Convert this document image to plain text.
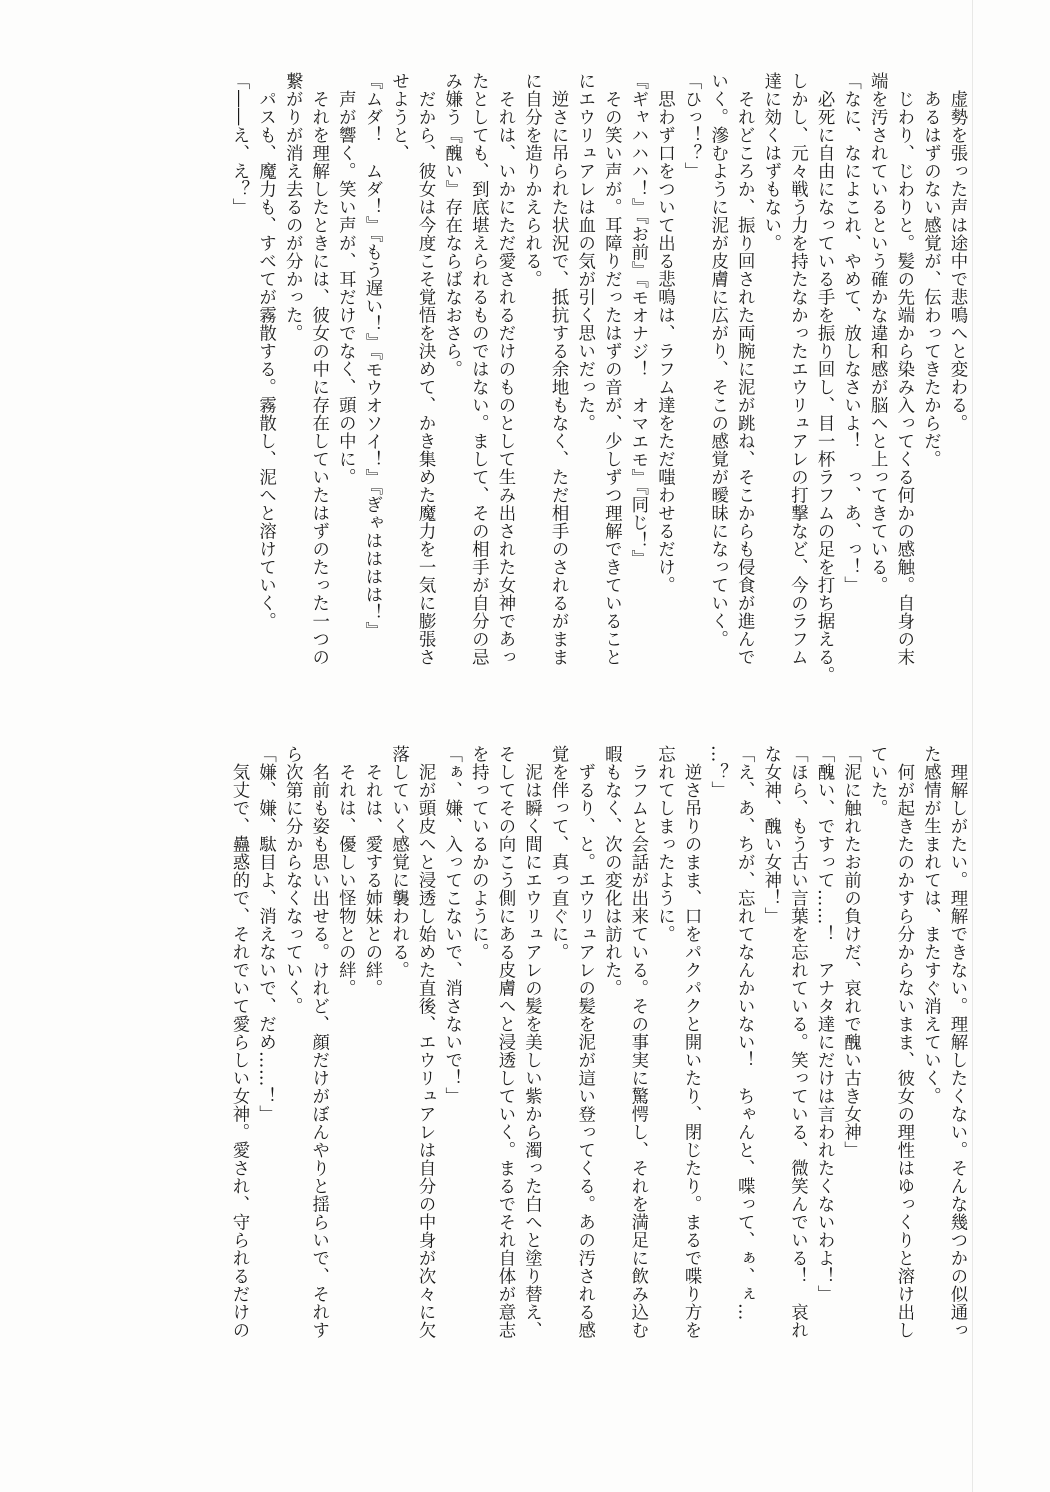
　虚勢を張った声は途中で悲鳴へと変わる。
　あるはずのない感覚が、伝わってきたからだ。
　じわり、じわりと。髪の先端から染み入ってくる何かの感触。自身の末
端を汚されているという確かな違和感が脳へと上ってきている。
「なに、なによこれ、やめて、放しなさいよ！　っ、あ、っ！」
　必死に自由になっている手を振り回し、目一杯ラフムの足を打ち据える。
しかし、元々戦う力を持たなかったエウリュアレの打撃など、今のラフム
達に効くはずもない。
　それどころか、振り回された両腕に泥が跳ね、そこからも侵食が進んで
いく。滲むように泥が皮膚に広がり、そこの感覚が曖昧になっていく。
「ひっ！？」
　思わず口をついて出る悲鳴は、ラフム達をただ嗤わせるだけ。
『ギャハハハ！』『お前』『モオナジ！　オマエモ』『同じ！』
　その笑い声が。耳障りだったはずの音が、少しずつ理解できていること
にエウリュアレは血の気が引く思いだった。
　逆さに吊られた状況で、抵抗する余地もなく、ただ相手のされるがまま
に自分を造りかえられる。
　それは、いかにただ愛されるだけのものとして生み出された女神であっ
たとしても、到底堪えられるものではない。まして、その相手が自分の忌
み嫌う『醜い』存在ならばなおさら。
　だから、彼女は今度こそ覚悟を決めて、かき集めた魔力を一気に膨張さ
せようと、
『ムダ！　ムダ！』『もう遅い！』『モウオソイ！』『ぎゃはははは！』
　声が響く。笑い声が、耳だけでなく、頭の中に。
　それを理解したときには、彼女の中に存在していたはずのたった一つの
繋がりが消え去るのが分かった。
　パスも、魔力も、すべてが霧散する。霧散し、泥へと溶けていく。
「――え、え？」
　理解しがたい。理解できない。理解したくない。そんな幾つかの似通っ
た感情が生まれては、またすぐ消えていく。
　何が起きたのかすら分からないまま、彼女の理性はゆっくりと溶け出し
ていた。
「泥に触れたお前の負けだ、哀れで醜い古き女神」
「醜い、ですって……！　アナタ達にだけは言われたくないわよ！」
「ほら、もう古い言葉を忘れている。笑っている、微笑んでいる！　哀れ
な女神、醜い女神！」
「え、あ、ちが、忘れてなんかいない！　ちゃんと、喋って、ぁ、ぇ…
…？」
　逆さ吊りのまま、口をパクパクと開いたり、閉じたり。まるで喋り方を
忘れてしまったように。
　ラフムと会話が出来ている。その事実に驚愕し、それを満足に飲み込む
暇もなく、次の変化は訪れた。
　ずるり、と。エウリュアレの髪を泥が這い登ってくる。あの汚される感
覚を伴って、真っ直ぐに。
　泥は瞬く間にエウリュアレの髪を美しい紫から濁った白へと塗り替え、
そしてその向こう側にある皮膚へと浸透していく。まるでそれ自体が意志
を持っているかのように。
「ぁ、嫌、入ってこないで、消さないで！」
　泥が頭皮へと浸透し始めた直後、エウリュアレは自分の中身が次々に欠
落していく感覚に襲われる。
　それは、愛する姉妹との絆。
　それは、優しい怪物との絆。
　名前も姿も思い出せる。けれど、顔だけがぼんやりと揺らいで、それす
ら次第に分からなくなっていく。
「嫌、嫌、駄目よ、消えないで、だめ……！」
　気丈で、蠱惑的で、それでいて愛らしい女神。愛され、守られるだけの
